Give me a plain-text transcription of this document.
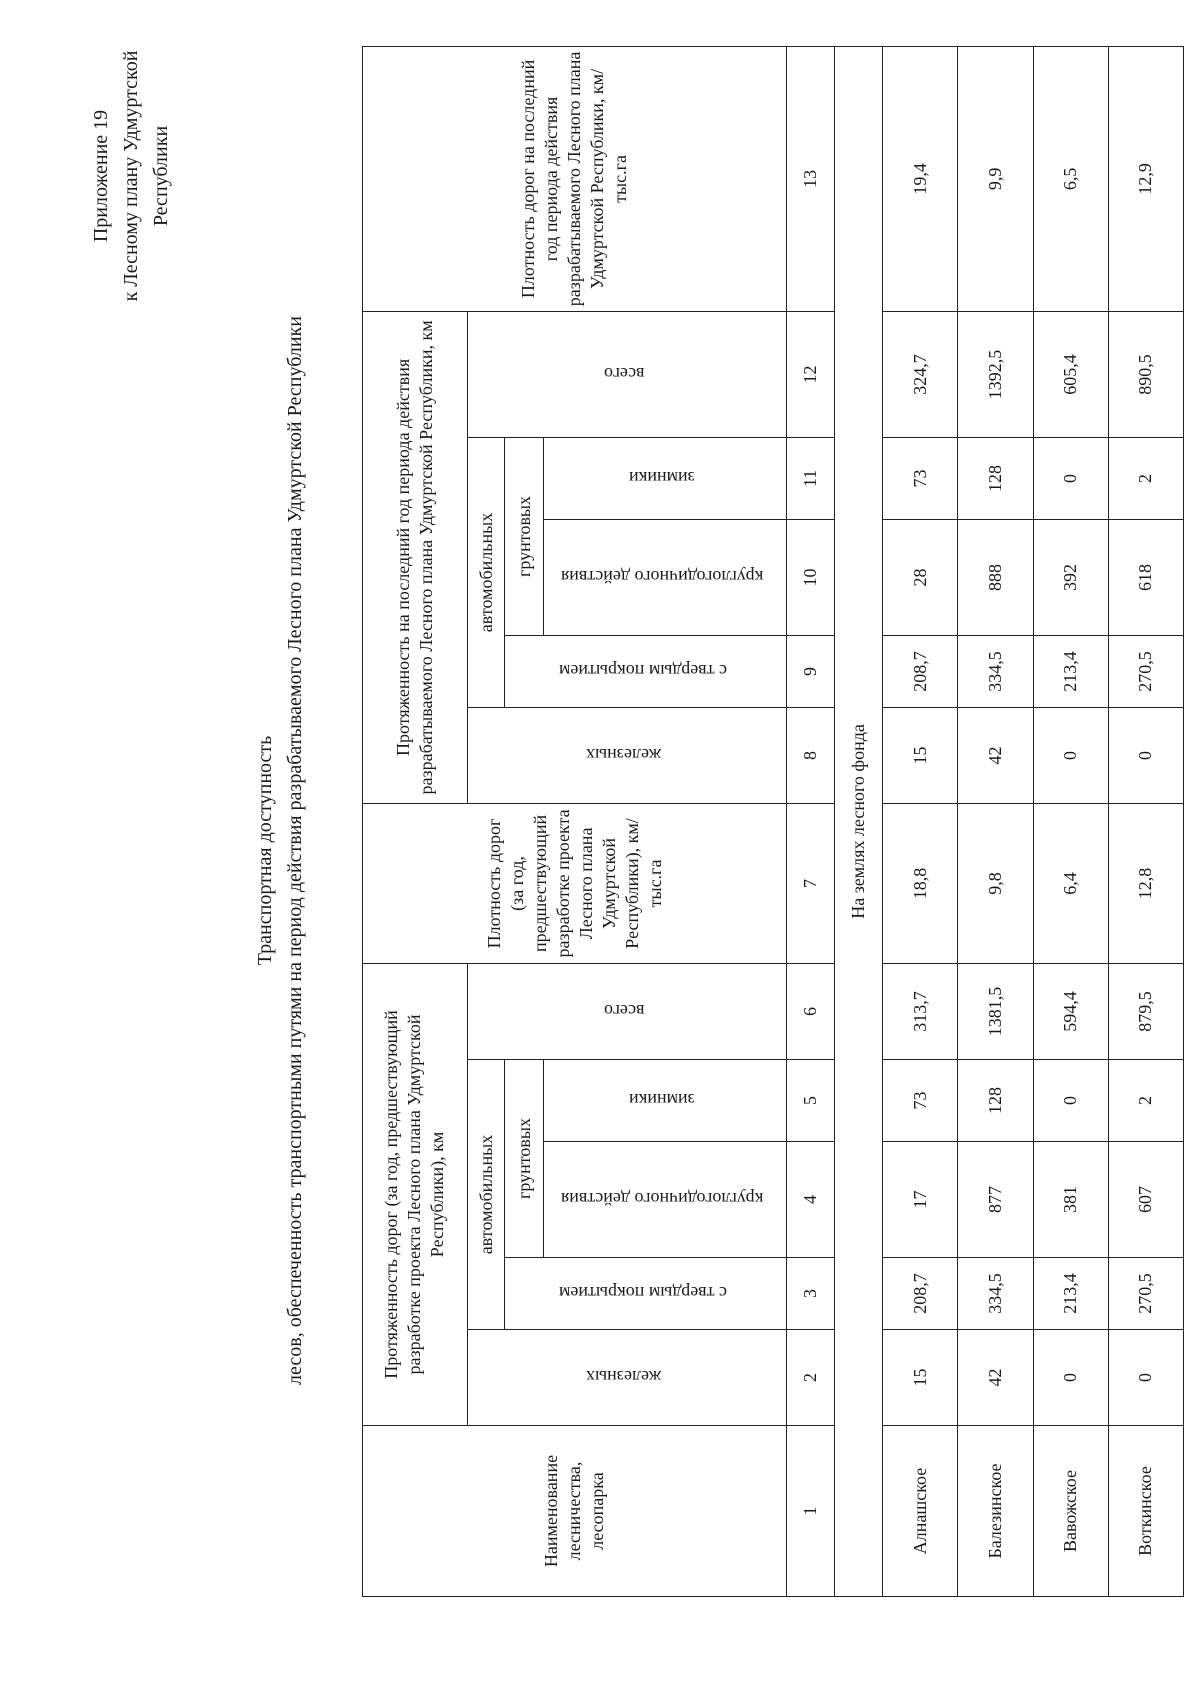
Приложение 19 к Лесному плану Удмуртской Республики
Транспортная доступность лесов, обеспеченность транспортными путями на период действия разрабатываемого Лесного плана Удмуртской Республики
Наименование лесничества, лесопарка	Протяженность дорог (за год, предшествующий разработке проекта Лесного плана Удмуртской Республики), км					Плотность дорог (за год, предшествующий разработке проекта Лесного плана Удмуртской Республики), км/тыс.га	Протяженность на последний год периода действия разрабатываемого Лесного плана Удмуртской Республики, км					Плотность дорог на последний год периода действия разрабатываемого Лесного плана Удмуртской Республики, км/тыс.га
	железных	автомобильных			всего		железных	автомобильных			всего	
		с твердым покрытием	грунтовых					с твердым покрытием	грунтовых			
			круглогодичного действия	зимники					круглогодичного действия	зимники		
1	2	3	4	5	6	7	8	9	10	11	12	13
На землях лесного фонда												
Алнашское	15	208,7	17	73	313,7	18,8	15	208,7	28	73	324,7	19,4
Балезинское	42	334,5	877	128	1381,5	9,8	42	334,5	888	128	1392,5	9,9
Вавожское	0	213,4	381	0	594,4	6,4	0	213,4	392	0	605,4	6,5
Воткинское	0	270,5	607	2	879,5	12,8	0	270,5	618	2	890,5	12,9
